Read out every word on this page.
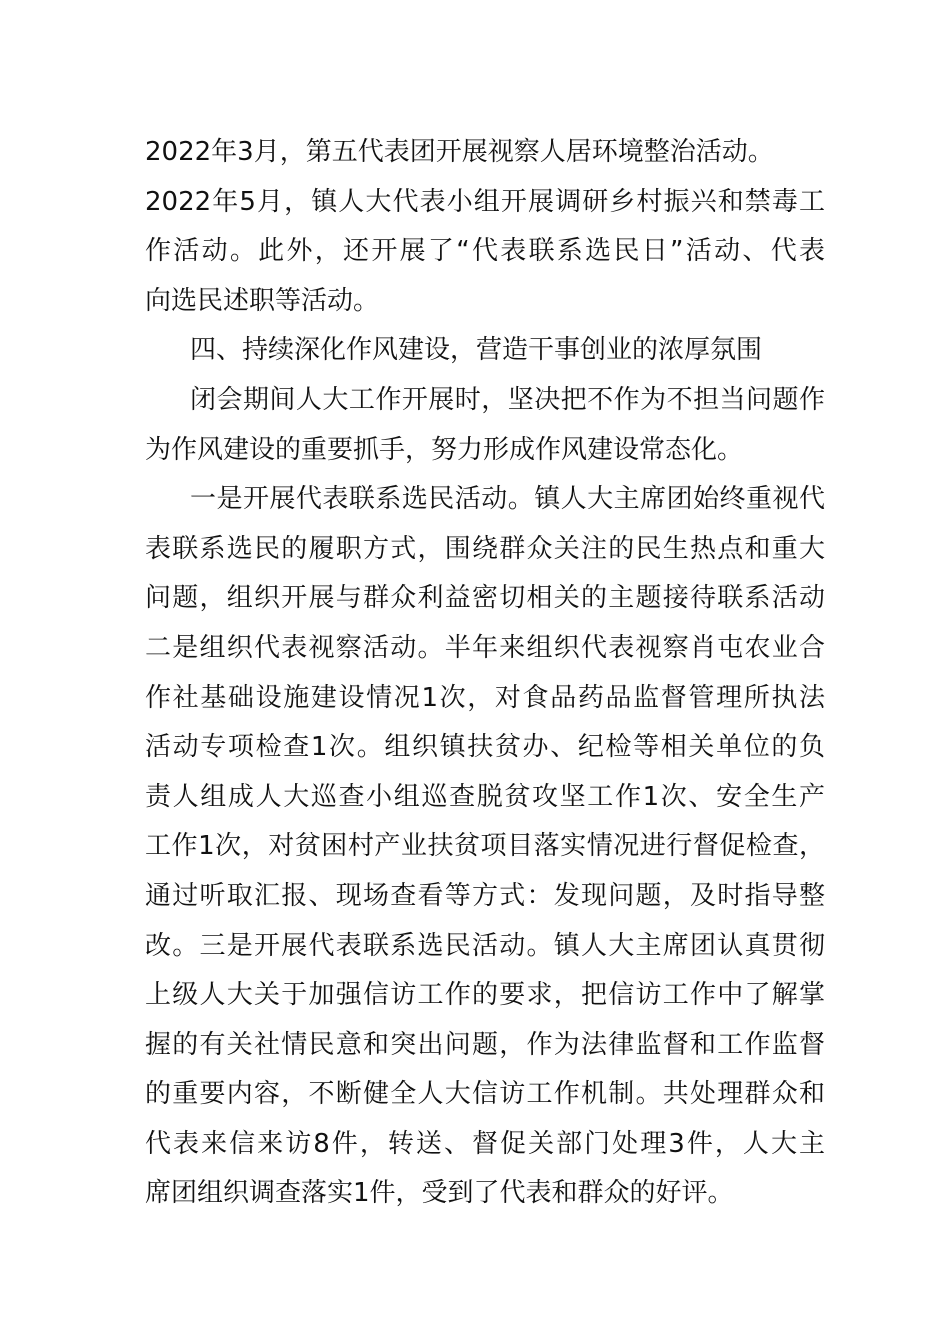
2022年3月，第五代表团开展视察人居环境整治活动。
2022年5月，镇人大代表小组开展调研乡村振兴和禁毒工
作活动。此外，还开展了“代表联系选民日”活动、代表
向选民述职等活动。
四、持续深化作风建设，营造干事创业的浓厚氛围
闭会期间人大工作开展时，坚决把不作为不担当问题作
为作风建设的重要抓手，努力形成作风建设常态化。
一是开展代表联系选民活动。镇人大主席团始终重视代
表联系选民的履职方式，围绕群众关注的民生热点和重大
问题，组织开展与群众利益密切相关的主题接待联系活动
二是组织代表视察活动。半年来组织代表视察肖屯农业合
作社基础设施建设情况1次，对食品药品监督管理所执法
活动专项检查1次。组织镇扶贫办、纪检等相关单位的负
责人组成人大巡查小组巡查脱贫攻坚工作1次、安全生产
工作1次，对贫困村产业扶贫项目落实情况进行督促检查，
通过听取汇报、现场查看等方式：发现问题，及时指导整
改。三是开展代表联系选民活动。镇人大主席团认真贯彻
上级人大关于加强信访工作的要求，把信访工作中了解掌
握的有关社情民意和突出问题，作为法律监督和工作监督
的重要内容，不断健全人大信访工作机制。共处理群众和
代表来信来访8件，转送、督促关部门处理3件，人大主
席团组织调查落实1件，受到了代表和群众的好评。
